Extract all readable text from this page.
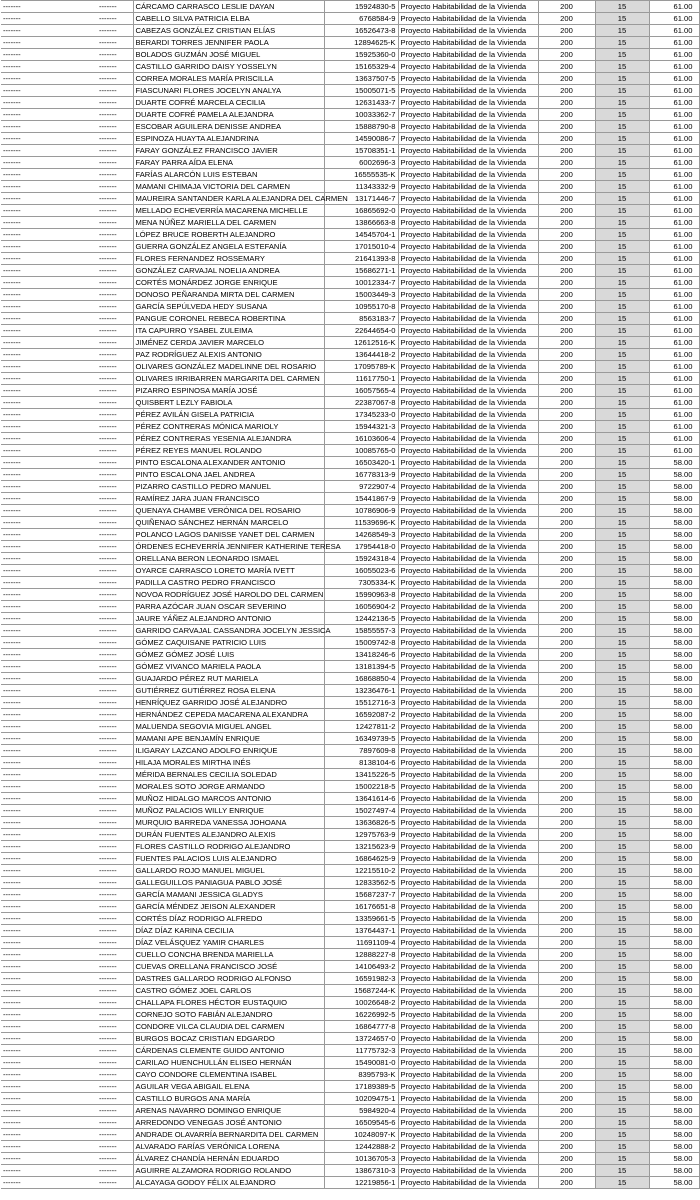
-------	-------	CÁRCAMO CARRASCO LESLIE DAYAN	15924830-5	Proyecto Habitabilidad de la Vivienda	200	15	61.00
-------	-------	CABELLO SILVA PATRICIA ELBA	6768584-9	Proyecto Habitabilidad de la Vivienda	200	15	61.00
-------	-------	CABEZAS GONZÁLEZ CRISTIAN ELÍAS	16526473-8	Proyecto Habitabilidad de la Vivienda	200	15	61.00
-------	-------	BERARDI TORRES JENNIFER PAOLA	12894625-K	Proyecto Habitabilidad de la Vivienda	200	15	61.00
-------	-------	BOLADOS GUZMÁN JOSÉ MIGUEL	15925360-0	Proyecto Habitabilidad de la Vivienda	200	15	61.00
-------	-------	CASTILLO GARRIDO DAISY YOSSELYN	15165329-4	Proyecto Habitabilidad de la Vivienda	200	15	61.00
-------	-------	CORREA MORALES MARÍA PRISCILLA	13637507-5	Proyecto Habitabilidad de la Vivienda	200	15	61.00
-------	-------	FIASCUNARI FLORES JOCELYN ANALYA	15005071-5	Proyecto Habitabilidad de la Vivienda	200	15	61.00
-------	-------	DUARTE COFRÉ MARCELA CECILIA	12631433-7	Proyecto Habitabilidad de la Vivienda	200	15	61.00
-------	-------	DUARTE COFRÉ PAMELA ALEJANDRA	10033362-7	Proyecto Habitabilidad de la Vivienda	200	15	61.00
-------	-------	ESCOBAR AGUILERA DENISSE ANDREA	15888790-8	Proyecto Habitabilidad de la Vivienda	200	15	61.00
-------	-------	ESPINOZA HUAYTA ALEJANDRINA	14590086-7	Proyecto Habitabilidad de la Vivienda	200	15	61.00
-------	-------	FARAY GONZÁLEZ FRANCISCO JAVIER	15708351-1	Proyecto Habitabilidad de la Vivienda	200	15	61.00
-------	-------	FARAY PARRA AÍDA ELENA	6002696-3	Proyecto Habitabilidad de la Vivienda	200	15	61.00
-------	-------	FARÍAS ALARCÓN LUIS ESTEBAN	16555535-K	Proyecto Habitabilidad de la Vivienda	200	15	61.00
-------	-------	MAMANI CHIMAJA VICTORIA DEL CARMEN	11343332-9	Proyecto Habitabilidad de la Vivienda	200	15	61.00
-------	-------	MAUREIRA SANTANDER KARLA ALEJANDRA DEL CARMEN	13171446-7	Proyecto Habitabilidad de la Vivienda	200	15	61.00
-------	-------	MELLADO ECHEVERRÍA MACARENA MICHELLE	16865692-0	Proyecto Habitabilidad de la Vivienda	200	15	61.00
-------	-------	MENA NÚÑEZ MARIELLA DEL CARMEN	13866663-8	Proyecto Habitabilidad de la Vivienda	200	15	61.00
-------	-------	LÓPEZ BRUCE ROBERTH ALEJANDRO	14545704-1	Proyecto Habitabilidad de la Vivienda	200	15	61.00
-------	-------	GUERRA GONZÁLEZ ANGELA ESTEFANÍA	17015010-4	Proyecto Habitabilidad de la Vivienda	200	15	61.00
-------	-------	FLORES FERNANDEZ ROSSEMARY	21641393-8	Proyecto Habitabilidad de la Vivienda	200	15	61.00
-------	-------	GONZÁLEZ CARVAJAL NOELIA ANDREA	15686271-1	Proyecto Habitabilidad de la Vivienda	200	15	61.00
-------	-------	CORTÉS MONÁRDEZ JORGE ENRIQUE	10012334-7	Proyecto Habitabilidad de la Vivienda	200	15	61.00
-------	-------	DONOSO PEÑARANDA MIRTA DEL CARMEN	15003449-3	Proyecto Habitabilidad de la Vivienda	200	15	61.00
-------	-------	GARCÍA SEPÚLVEDA HEDY SUSANA	10955170-8	Proyecto Habitabilidad de la Vivienda	200	15	61.00
-------	-------	PANGUE CORONEL REBECA ROBERTINA	8563183-7	Proyecto Habitabilidad de la Vivienda	200	15	61.00
-------	-------	ITA CAPURRO YSABEL ZULEIMA	22644654-0	Proyecto Habitabilidad de la Vivienda	200	15	61.00
-------	-------	JIMÉNEZ CERDA JAVIER MARCELO	12612516-K	Proyecto Habitabilidad de la Vivienda	200	15	61.00
-------	-------	PAZ RODRÍGUEZ ALEXIS ANTONIO	13644418-2	Proyecto Habitabilidad de la Vivienda	200	15	61.00
-------	-------	OLIVARES GONZÁLEZ MADELINNE DEL ROSARIO	17095789-K	Proyecto Habitabilidad de la Vivienda	200	15	61.00
-------	-------	OLIVARES IRRIBARREN MARGARITA DEL CARMEN	11617750-1	Proyecto Habitabilidad de la Vivienda	200	15	61.00
-------	-------	PIZARRO ESPINOSA MARÍA JOSÉ	16057565-4	Proyecto Habitabilidad de la Vivienda	200	15	61.00
-------	-------	QUISBERT LEZLY FABIOLA	22387067-8	Proyecto Habitabilidad de la Vivienda	200	15	61.00
-------	-------	PÉREZ AVILÁN GISELA PATRICIA	17345233-0	Proyecto Habitabilidad de la Vivienda	200	15	61.00
-------	-------	PÉREZ CONTRERAS MÓNICA MARIOLY	15944321-3	Proyecto Habitabilidad de la Vivienda	200	15	61.00
-------	-------	PÉREZ CONTRERAS YESENIA ALEJANDRA	16103606-4	Proyecto Habitabilidad de la Vivienda	200	15	61.00
-------	-------	PÉREZ REYES MANUEL ROLANDO	10085765-0	Proyecto Habitabilidad de la Vivienda	200	15	61.00
-------	-------	PINTO ESCALONA ALEXANDER ANTONIO	16503420-1	Proyecto Habitabilidad de la Vivienda	200	15	58.00
-------	-------	PINTO ESCALONA JAEL ANDREA	16778313-9	Proyecto Habitabilidad de la Vivienda	200	15	58.00
-------	-------	PIZARRO CASTILLO PEDRO MANUEL	9722907-4	Proyecto Habitabilidad de la Vivienda	200	15	58.00
-------	-------	RAMÍREZ JARA JUAN FRANCISCO	15441867-9	Proyecto Habitabilidad de la Vivienda	200	15	58.00
-------	-------	QUENAYA CHAMBE VERÓNICA DEL ROSARIO	10786906-9	Proyecto Habitabilidad de la Vivienda	200	15	58.00
-------	-------	QUIÑENAO SÁNCHEZ HERNÁN MARCELO	11539696-K	Proyecto Habitabilidad de la Vivienda	200	15	58.00
-------	-------	POLANCO LAGOS DANISSE YANET DEL CARMEN	14268549-3	Proyecto Habitabilidad de la Vivienda	200	15	58.00
-------	-------	ÓRDENES ECHEVERRÍA JENNIFER KATHERINE TERESA	17954418-0	Proyecto Habitabilidad de la Vivienda	200	15	58.00
-------	-------	ORELLANA BERON LEONARDO ISMAEL	15924318-4	Proyecto Habitabilidad de la Vivienda	200	15	58.00
-------	-------	OYARCE CARRASCO LORETO MARÍA IVETT	16055023-6	Proyecto Habitabilidad de la Vivienda	200	15	58.00
-------	-------	PADILLA CASTRO PEDRO FRANCISCO	7305334-K	Proyecto Habitabilidad de la Vivienda	200	15	58.00
-------	-------	NOVOA RODRÍGUEZ JOSÉ HAROLDO DEL CARMEN	15990963-8	Proyecto Habitabilidad de la Vivienda	200	15	58.00
-------	-------	PARRA AZÓCAR JUAN OSCAR SEVERINO	16056904-2	Proyecto Habitabilidad de la Vivienda	200	15	58.00
-------	-------	JAURE YÁÑEZ ALEJANDRO ANTONIO	12442136-5	Proyecto Habitabilidad de la Vivienda	200	15	58.00
-------	-------	GARRIDO CARVAJAL CASSANDRA JOCELYN JESSICA	15855557-3	Proyecto Habitabilidad de la Vivienda	200	15	58.00
-------	-------	GÓMEZ CAQUISANE PATRICIO LUIS	15009742-8	Proyecto Habitabilidad de la Vivienda	200	15	58.00
-------	-------	GÓMEZ GÓMEZ JOSÉ LUIS	13418246-6	Proyecto Habitabilidad de la Vivienda	200	15	58.00
-------	-------	GÓMEZ VIVANCO MARIELA PAOLA	13181394-5	Proyecto Habitabilidad de la Vivienda	200	15	58.00
-------	-------	GUAJARDO PÉREZ RUT MARIELA	16868850-4	Proyecto Habitabilidad de la Vivienda	200	15	58.00
-------	-------	GUTIÉRREZ GUTIÉRREZ ROSA ELENA	13236476-1	Proyecto Habitabilidad de la Vivienda	200	15	58.00
-------	-------	HENRÍQUEZ GARRIDO JOSÉ ALEJANDRO	15512716-3	Proyecto Habitabilidad de la Vivienda	200	15	58.00
-------	-------	HERNÁNDEZ CEPEDA MACARENA ALEXANDRA	16592087-2	Proyecto Habitabilidad de la Vivienda	200	15	58.00
-------	-------	MALUENDA SEGOVIA MIGUEL ANGEL	12427811-2	Proyecto Habitabilidad de la Vivienda	200	15	58.00
-------	-------	MAMANI APE BENJAMÍN ENRIQUE	16349739-5	Proyecto Habitabilidad de la Vivienda	200	15	58.00
-------	-------	ILIGARAY LAZCANO ADOLFO ENRIQUE	7897609-8	Proyecto Habitabilidad de la Vivienda	200	15	58.00
-------	-------	HILAJA MORALES MIRTHA INÉS	8138104-6	Proyecto Habitabilidad de la Vivienda	200	15	58.00
-------	-------	MÉRIDA BERNALES CECILIA SOLEDAD	13415226-5	Proyecto Habitabilidad de la Vivienda	200	15	58.00
-------	-------	MORALES SOTO JORGE ARMANDO	15002218-5	Proyecto Habitabilidad de la Vivienda	200	15	58.00
-------	-------	MUÑOZ HIDALGO MARCOS ANTONIO	13641614-6	Proyecto Habitabilidad de la Vivienda	200	15	58.00
-------	-------	MUÑOZ PALACIOS WILLY ENRIQUE	15027497-4	Proyecto Habitabilidad de la Vivienda	200	15	58.00
-------	-------	MURQUIO BARREDA VANESSA JOHOANA	13636826-5	Proyecto Habitabilidad de la Vivienda	200	15	58.00
-------	-------	DURÁN FUENTES ALEJANDRO ALEXIS	12975763-9	Proyecto Habitabilidad de la Vivienda	200	15	58.00
-------	-------	FLORES CASTILLO RODRIGO ALEJANDRO	13215623-9	Proyecto Habitabilidad de la Vivienda	200	15	58.00
-------	-------	FUENTES PALACIOS LUIS ALEJANDRO	16864625-9	Proyecto Habitabilidad de la Vivienda	200	15	58.00
-------	-------	GALLARDO ROJO MANUEL MIGUEL	12215510-2	Proyecto Habitabilidad de la Vivienda	200	15	58.00
-------	-------	GALLEGUILLOS PANIAGUA PABLO JOSÉ	12833562-5	Proyecto Habitabilidad de la Vivienda	200	15	58.00
-------	-------	GARCÍA MAMANI JESSICA GLADYS	15687237-7	Proyecto Habitabilidad de la Vivienda	200	15	58.00
-------	-------	GARCÍA MÉNDEZ JEISON ALEXANDER	16176651-8	Proyecto Habitabilidad de la Vivienda	200	15	58.00
-------	-------	CORTÉS DÍAZ RODRIGO ALFREDO	13359661-5	Proyecto Habitabilidad de la Vivienda	200	15	58.00
-------	-------	DÍAZ DÍAZ KARINA CECILIA	13764437-1	Proyecto Habitabilidad de la Vivienda	200	15	58.00
-------	-------	DÍAZ VELÁSQUEZ YAMIR CHARLES	11691109-4	Proyecto Habitabilidad de la Vivienda	200	15	58.00
-------	-------	CUELLO CONCHA BRENDA MARIELLA	12888227-8	Proyecto Habitabilidad de la Vivienda	200	15	58.00
-------	-------	CUEVAS ORELLANA FRANCISCO JOSÉ	14106493-2	Proyecto Habitabilidad de la Vivienda	200	15	58.00
-------	-------	DASTRES GALLARDO RODRIGO ALFONSO	16591982-3	Proyecto Habitabilidad de la Vivienda	200	15	58.00
-------	-------	CASTRO GÓMEZ JOEL CARLOS	15687244-K	Proyecto Habitabilidad de la Vivienda	200	15	58.00
-------	-------	CHALLAPA FLORES HÉCTOR EUSTAQUIO	10026648-2	Proyecto Habitabilidad de la Vivienda	200	15	58.00
-------	-------	CORNEJO SOTO FABIÁN ALEJANDRO	16226992-5	Proyecto Habitabilidad de la Vivienda	200	15	58.00
-------	-------	CONDORE VILCA CLAUDIA DEL CARMEN	16864777-8	Proyecto Habitabilidad de la Vivienda	200	15	58.00
-------	-------	BURGOS BOCAZ CRISTIAN EDGARDO	13724657-0	Proyecto Habitabilidad de la Vivienda	200	15	58.00
-------	-------	CÁRDENAS CLEMENTE GUIDO ANTONIO	11775732-3	Proyecto Habitabilidad de la Vivienda	200	15	58.00
-------	-------	CARILAO HUENCHULLÁN ELISEO HERNÁN	15490081-0	Proyecto Habitabilidad de la Vivienda	200	15	58.00
-------	-------	CAYO CONDORE CLEMENTINA ISABEL	8395793-K	Proyecto Habitabilidad de la Vivienda	200	15	58.00
-------	-------	AGUILAR VEGA ABIGAIL ELENA	17189389-5	Proyecto Habitabilidad de la Vivienda	200	15	58.00
-------	-------	CASTILLO BURGOS ANA MARÍA	10209475-1	Proyecto Habitabilidad de la Vivienda	200	15	58.00
-------	-------	ARENAS NAVARRO DOMINGO ENRIQUE	5984920-4	Proyecto Habitabilidad de la Vivienda	200	15	58.00
-------	-------	ARREDONDO VENEGAS JOSÉ ANTONIO	16509545-6	Proyecto Habitabilidad de la Vivienda	200	15	58.00
-------	-------	ANDRADE OLAVARRÍA BERNARDITA DEL CARMEN	10248097-K	Proyecto Habitabilidad de la Vivienda	200	15	58.00
-------	-------	ALVARADO FARÍAS VERÓNICA LORENA	12442888-2	Proyecto Habitabilidad de la Vivienda	200	15	58.00
-------	-------	ÁLVAREZ CHANDÍA HERNÁN EDUARDO	10136705-3	Proyecto Habitabilidad de la Vivienda	200	15	58.00
-------	-------	AGUIRRE ALZAMORA RODRIGO ROLANDO	13867310-3	Proyecto Habitabilidad de la Vivienda	200	15	58.00
-------	-------	ALCAYAGA GODOY FÉLIX ALEJANDRO	12219856-1	Proyecto Habitabilidad de la Vivienda	200	15	58.00
